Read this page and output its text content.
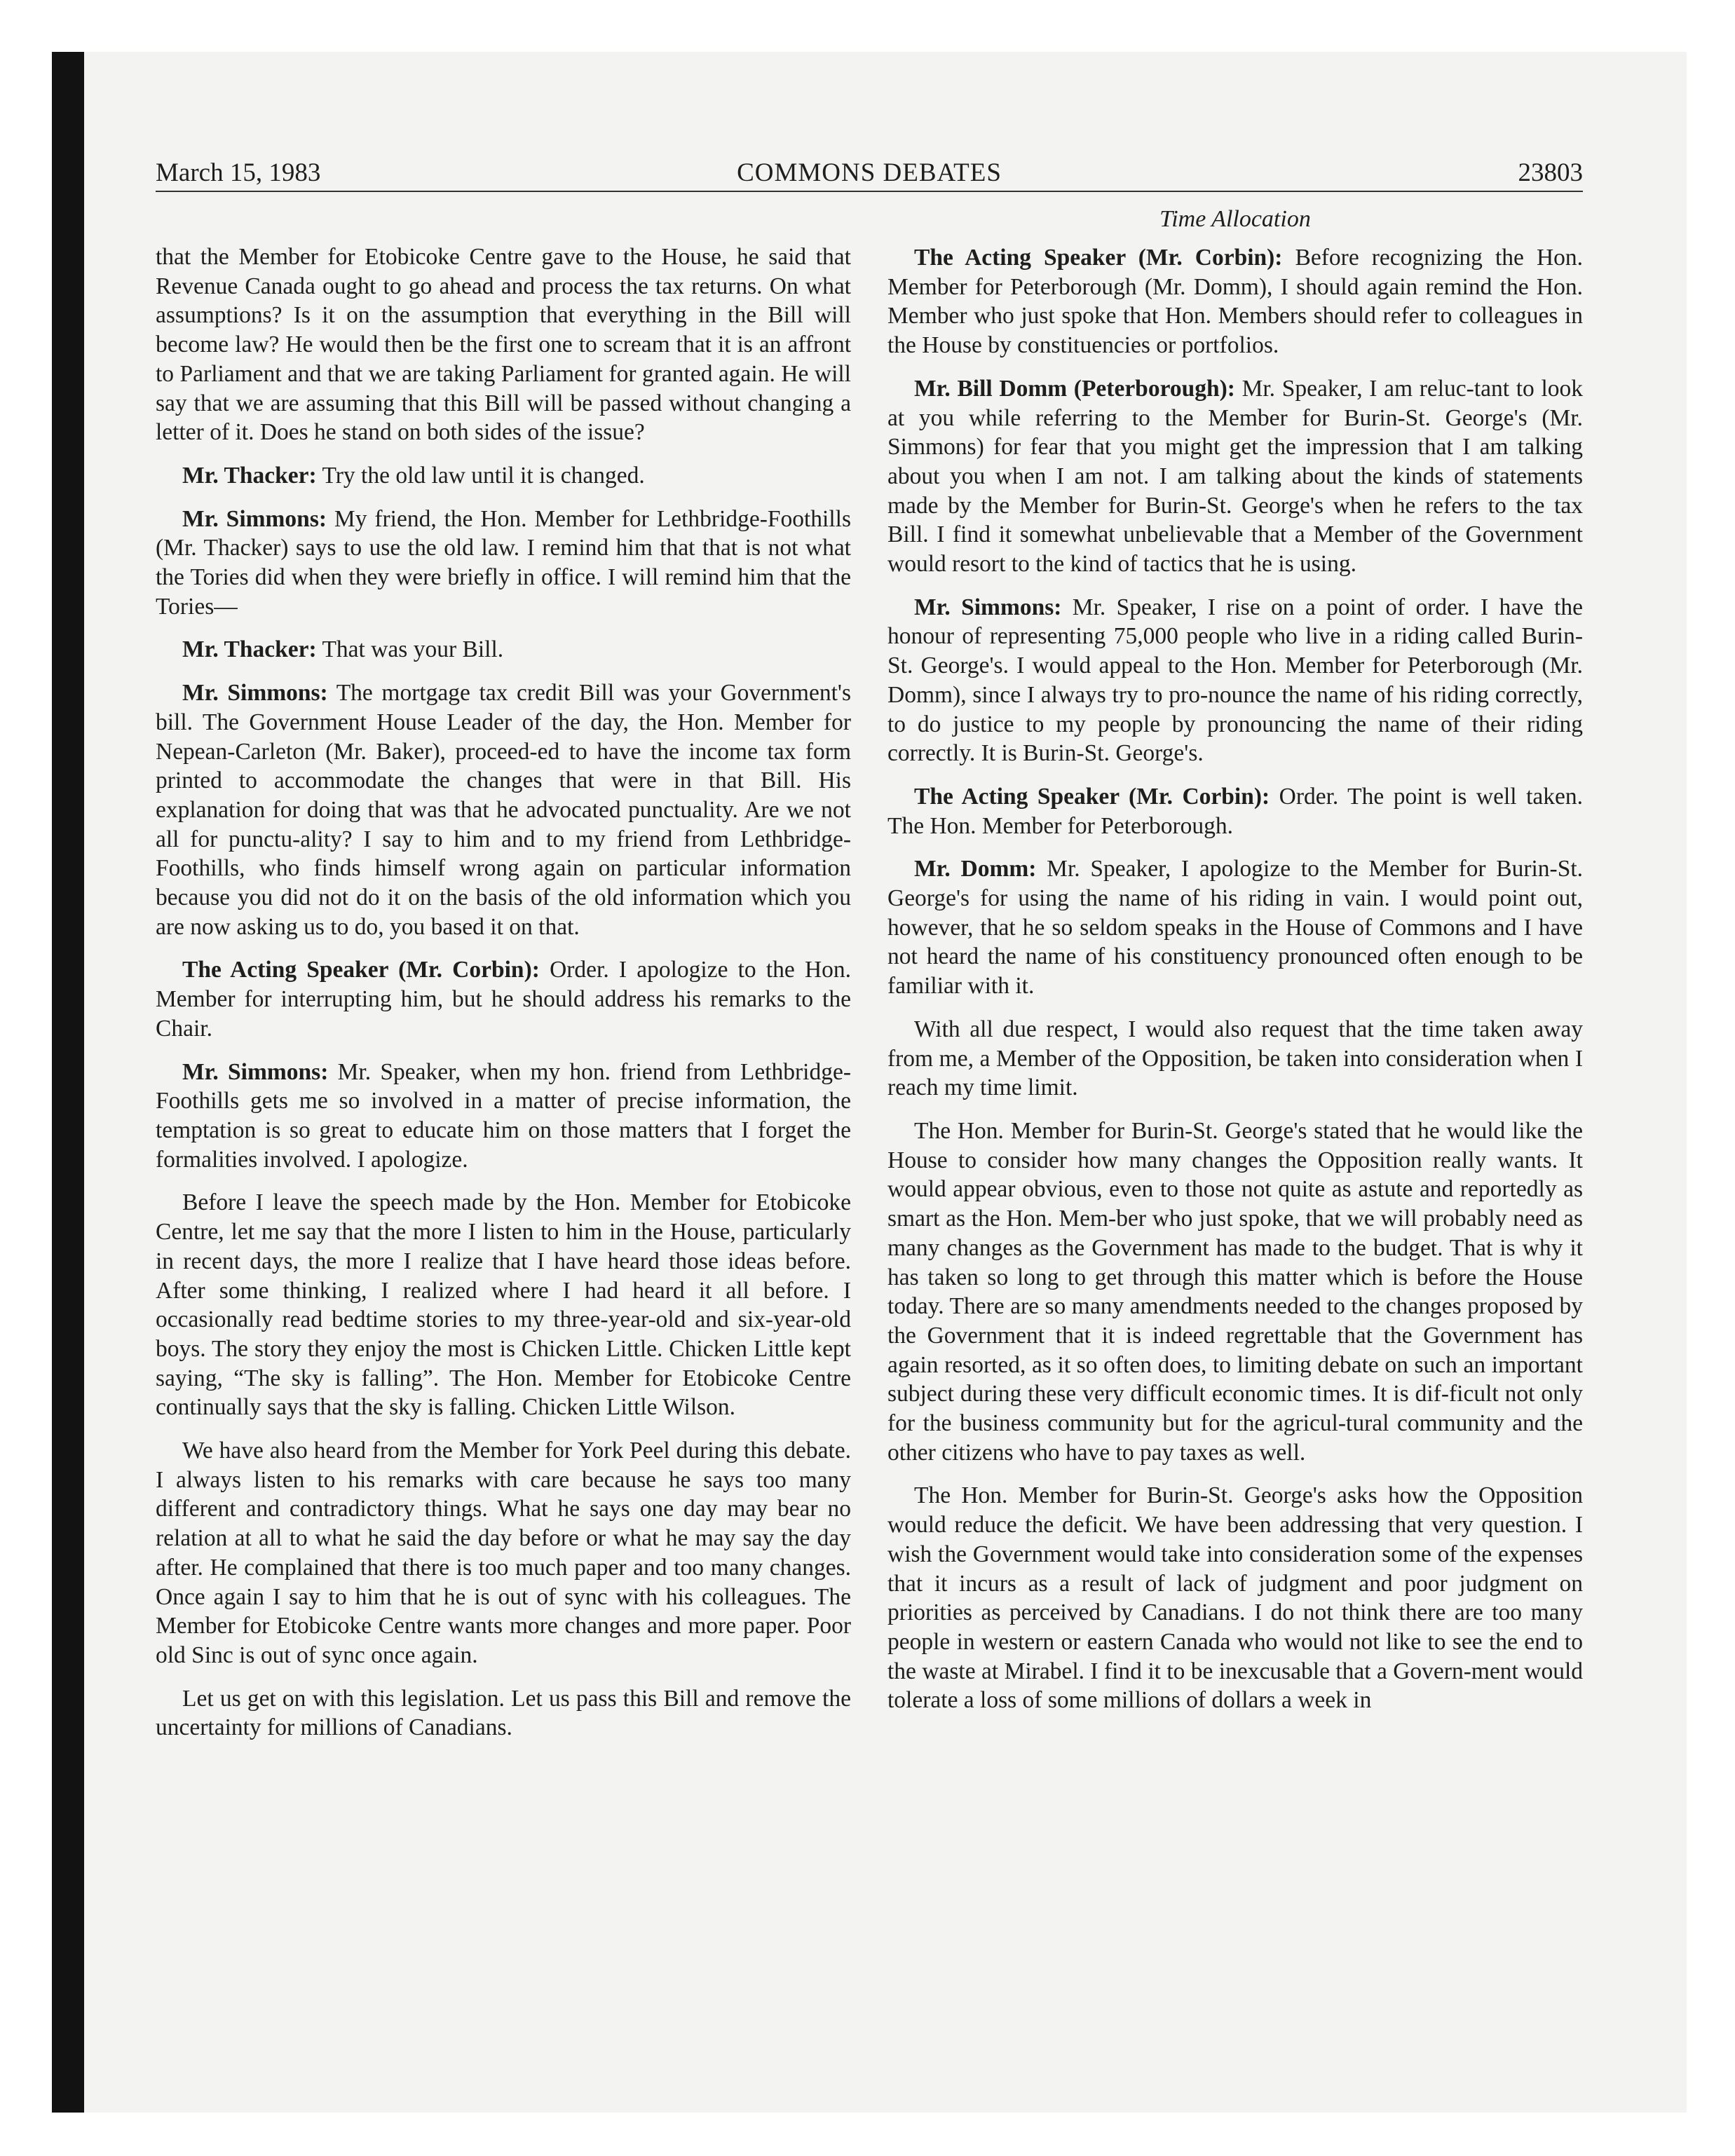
March 15, 1983	COMMONS DEBATES	23803

that the Member for Etobicoke Centre gave to the House, he said that Revenue Canada ought to go ahead and process the tax returns. On what assumptions? Is it on the assumption that everything in the Bill will become law? He would then be the first one to scream that it is an affront to Parliament and that we are taking Parliament for granted again. He will say that we are assuming that this Bill will be passed without changing a letter of it. Does he stand on both sides of the issue?

Mr. Thacker: Try the old law until it is changed.

Mr. Simmons: My friend, the Hon. Member for Lethbridge-Foothills (Mr. Thacker) says to use the old law. I remind him that that is not what the Tories did when they were briefly in office. I will remind him that the Tories—

Mr. Thacker: That was your Bill.

Mr. Simmons: The mortgage tax credit Bill was your Government's bill. The Government House Leader of the day, the Hon. Member for Nepean-Carleton (Mr. Baker), proceed-ed to have the income tax form printed to accommodate the changes that were in that Bill. His explanation for doing that was that he advocated punctuality. Are we not all for punctu-ality? I say to him and to my friend from Lethbridge-Foothills, who finds himself wrong again on particular information because you did not do it on the basis of the old information which you are now asking us to do, you based it on that.

The Acting Speaker (Mr. Corbin): Order. I apologize to the Hon. Member for interrupting him, but he should address his remarks to the Chair.

Mr. Simmons: Mr. Speaker, when my hon. friend from Lethbridge-Foothills gets me so involved in a matter of precise information, the temptation is so great to educate him on those matters that I forget the formalities involved. I apologize.

Before I leave the speech made by the Hon. Member for Etobicoke Centre, let me say that the more I listen to him in the House, particularly in recent days, the more I realize that I have heard those ideas before. After some thinking, I realized where I had heard it all before. I occasionally read bedtime stories to my three-year-old and six-year-old boys. The story they enjoy the most is Chicken Little. Chicken Little kept saying, “The sky is falling”. The Hon. Member for Etobicoke Centre continually says that the sky is falling. Chicken Little Wilson.

We have also heard from the Member for York Peel during this debate. I always listen to his remarks with care because he says too many different and contradictory things. What he says one day may bear no relation at all to what he said the day before or what he may say the day after. He complained that there is too much paper and too many changes. Once again I say to him that he is out of sync with his colleagues. The Member for Etobicoke Centre wants more changes and more paper. Poor old Sinc is out of sync once again.

Let us get on with this legislation. Let us pass this Bill and remove the uncertainty for millions of Canadians.

Time Allocation

The Acting Speaker (Mr. Corbin): Before recognizing the Hon. Member for Peterborough (Mr. Domm), I should again remind the Hon. Member who just spoke that Hon. Members should refer to colleagues in the House by constituencies or portfolios.

Mr. Bill Domm (Peterborough): Mr. Speaker, I am reluc-tant to look at you while referring to the Member for Burin-St. George's (Mr. Simmons) for fear that you might get the impression that I am talking about you when I am not. I am talking about the kinds of statements made by the Member for Burin-St. George's when he refers to the tax Bill. I find it somewhat unbelievable that a Member of the Government would resort to the kind of tactics that he is using.

Mr. Simmons: Mr. Speaker, I rise on a point of order. I have the honour of representing 75,000 people who live in a riding called Burin-St. George's. I would appeal to the Hon. Member for Peterborough (Mr. Domm), since I always try to pro-nounce the name of his riding correctly, to do justice to my people by pronouncing the name of their riding correctly. It is Burin-St. George's.

The Acting Speaker (Mr. Corbin): Order. The point is well taken. The Hon. Member for Peterborough.

Mr. Domm: Mr. Speaker, I apologize to the Member for Burin-St. George's for using the name of his riding in vain. I would point out, however, that he so seldom speaks in the House of Commons and I have not heard the name of his constituency pronounced often enough to be familiar with it.

With all due respect, I would also request that the time taken away from me, a Member of the Opposition, be taken into consideration when I reach my time limit.

The Hon. Member for Burin-St. George's stated that he would like the House to consider how many changes the Opposition really wants. It would appear obvious, even to those not quite as astute and reportedly as smart as the Hon. Mem-ber who just spoke, that we will probably need as many changes as the Government has made to the budget. That is why it has taken so long to get through this matter which is before the House today. There are so many amendments needed to the changes proposed by the Government that it is indeed regrettable that the Government has again resorted, as it so often does, to limiting debate on such an important subject during these very difficult economic times. It is dif-ficult not only for the business community but for the agricul-tural community and the other citizens who have to pay taxes as well.

The Hon. Member for Burin-St. George's asks how the Opposition would reduce the deficit. We have been addressing that very question. I wish the Government would take into consideration some of the expenses that it incurs as a result of lack of judgment and poor judgment on priorities as perceived by Canadians. I do not think there are too many people in western or eastern Canada who would not like to see the end to the waste at Mirabel. I find it to be inexcusable that a Govern-ment would tolerate a loss of some millions of dollars a week in
